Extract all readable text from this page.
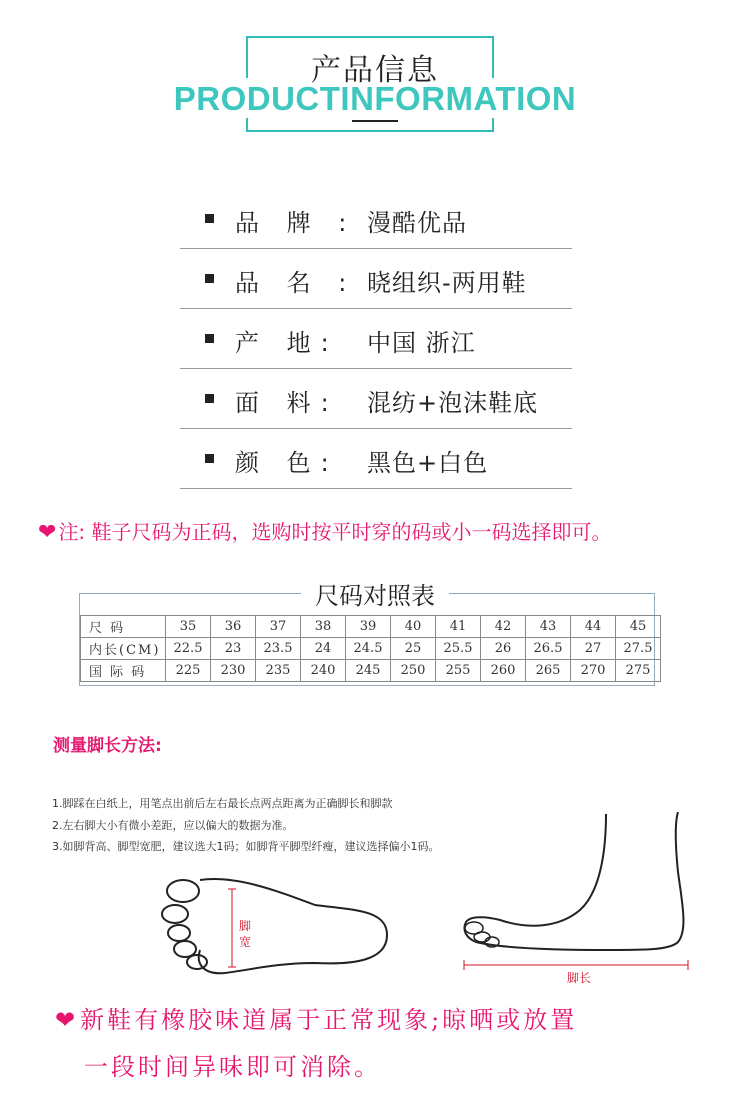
产品信息
PRODUCTINFORMATION
品 牌 : 漫酷优品
品 名 : 晓组织-两用鞋
产 地: 中国 浙江
面 料: 混纺+泡沫鞋底
颜 色: 黑色+白色
❤ 注: 鞋子尺码为正码，选购时按平时穿的码或小一码选择即可。
尺码对照表
尺 码	35	36	37	38	39	40	41	42	43	44	45
内长(CM)	22.5	23	23.5	24	24.5	25	25.5	26	26.5	27	27.5
国 际 码	225	230	235	240	245	250	255	260	265	270	275
测量脚长方法:
1.脚踩在白纸上，用笔点出前后左右最长点两点距离为正确脚长和脚款
2.左右脚大小有微小差距，应以偏大的数据为准。
3.如脚背高、脚型宽肥，建议选大1码；如脚背平脚型纤瘦，建议选择偏小1码。
脚宽
脚长
❤新鞋有橡胶味道属于正常现象;晾晒或放置
一段时间异味即可消除。
